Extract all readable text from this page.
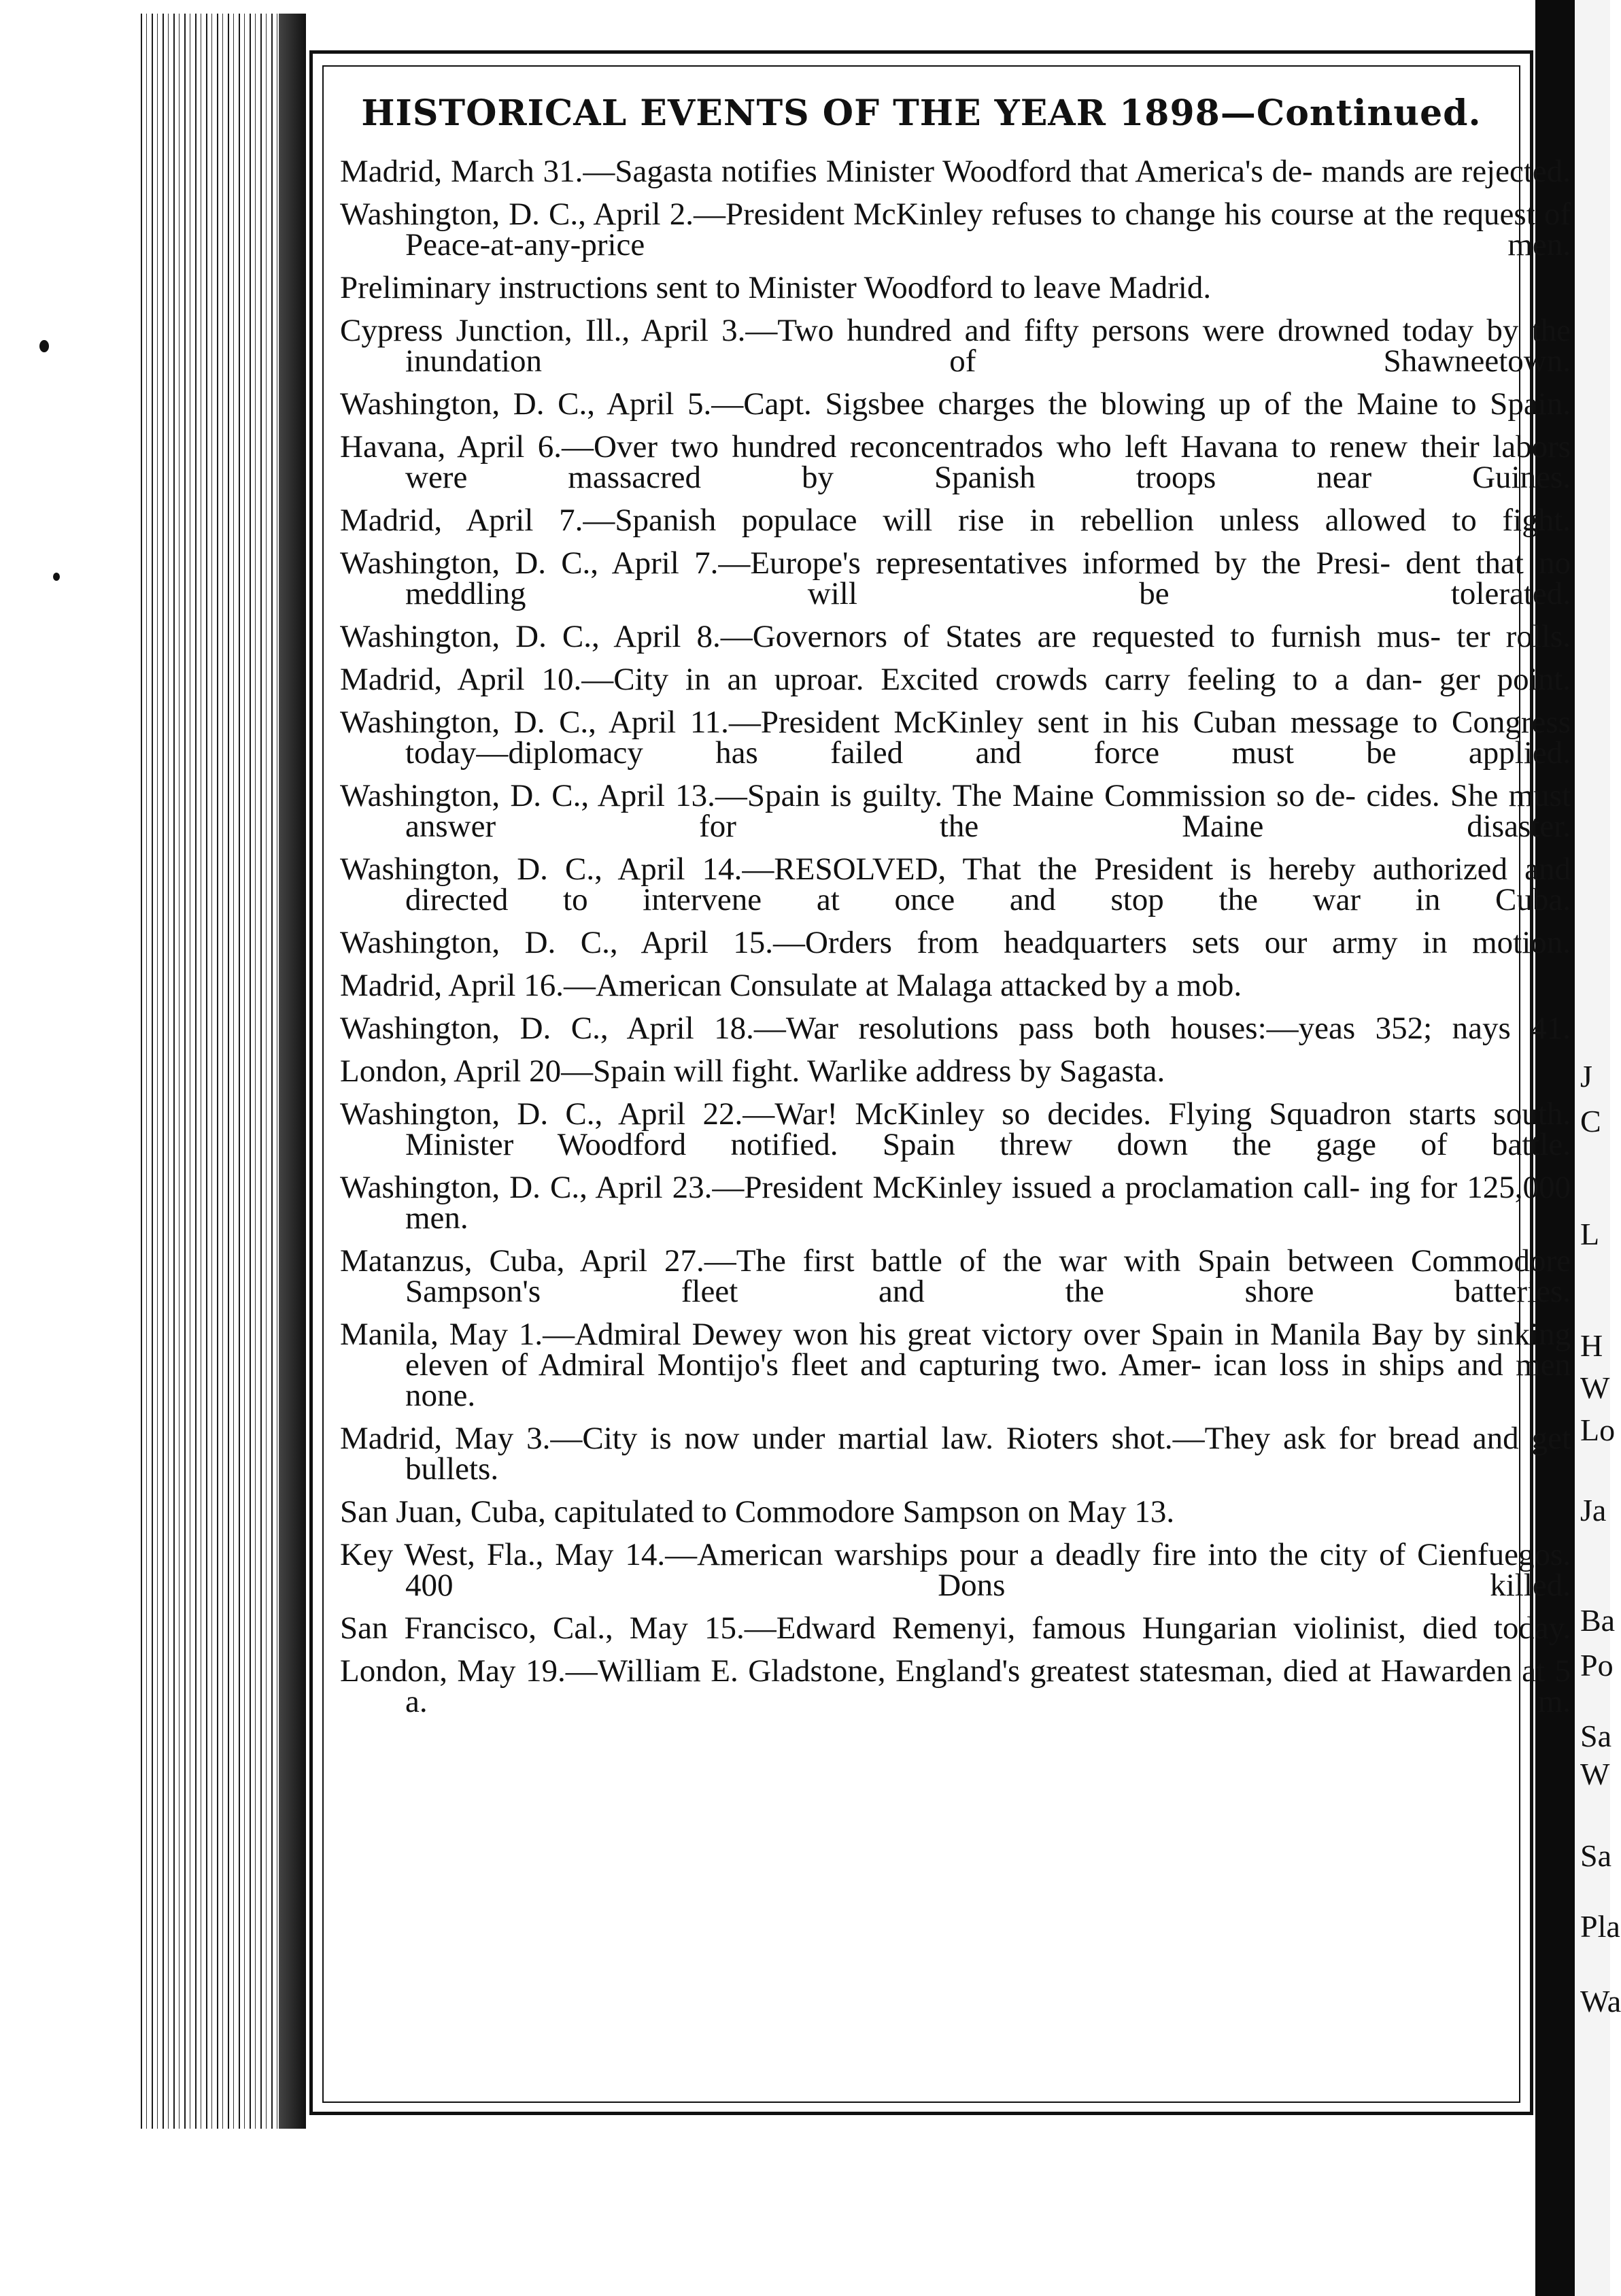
J
C
L
H
W
Lo
Ja
Ba
Po
Sa
W
Sa
Pla
Wa
HISTORICAL EVENTS OF THE YEAR 1898—Continued.
Madrid, March 31.—Sagasta notifies Minister Woodford that America's de- mands are rejected.
Washington, D. C., April 2.—President McKinley refuses to change his course at the request of Peace-at-any-price men.
Preliminary instructions sent to Minister Woodford to leave Madrid.
Cypress Junction, Ill., April 3.—Two hundred and fifty persons were drowned today by the inundation of Shawneetown.
Washington, D. C., April 5.—Capt. Sigsbee charges the blowing up of the Maine to Spain.
Havana, April 6.—Over two hundred reconcentrados who left Havana to renew their labors were massacred by Spanish troops near Guines.
Madrid, April 7.—Spanish populace will rise in rebellion unless allowed to fight.
Washington, D. C., April 7.—Europe's representatives informed by the Presi- dent that no meddling will be tolerated.
Washington, D. C., April 8.—Governors of States are requested to furnish mus- ter rolls.
Madrid, April 10.—City in an uproar. Excited crowds carry feeling to a dan- ger point.
Washington, D. C., April 11.—President McKinley sent in his Cuban message to Congress today—diplomacy has failed and force must be applied.
Washington, D. C., April 13.—Spain is guilty. The Maine Commission so de- cides. She must answer for the Maine disaster.
Washington, D. C., April 14.—RESOLVED, That the President is hereby authorized and directed to intervene at once and stop the war in Cuba.
Washington, D. C., April 15.—Orders from headquarters sets our army in motion.
Madrid, April 16.—American Consulate at Malaga attacked by a mob.
Washington, D. C., April 18.—War resolutions pass both houses:—yeas 352; nays 41.
London, April 20—Spain will fight. Warlike address by Sagasta.
Washington, D. C., April 22.—War! McKinley so decides. Flying Squadron starts south. Minister Woodford notified. Spain threw down the gage of battle.
Washington, D. C., April 23.—President McKinley issued a proclamation call- ing for 125,000 men.
Matanzus, Cuba, April 27.—The first battle of the war with Spain between Commodore Sampson's fleet and the shore batteries.
Manila, May 1.—Admiral Dewey won his great victory over Spain in Manila Bay by sinking eleven of Admiral Montijo's fleet and capturing two. Amer- ican loss in ships and men none.
Madrid, May 3.—City is now under martial law. Rioters shot.—They ask for bread and get bullets.
San Juan, Cuba, capitulated to Commodore Sampson on May 13.
Key West, Fla., May 14.—American warships pour a deadly fire into the city of Cienfuegos. 400 Dons killed.
San Francisco, Cal., May 15.—Edward Remenyi, famous Hungarian violinist, died today.
London, May 19.—William E. Gladstone, England's greatest statesman, died at Hawarden at 5 a. m.
